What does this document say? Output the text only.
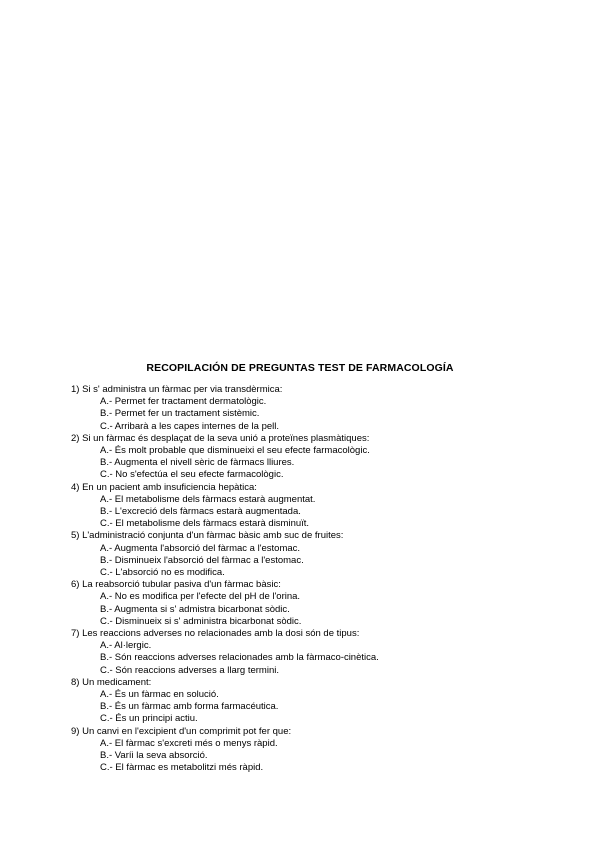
RECOPILACIÓN DE PREGUNTAS TEST DE FARMACOLOGÍA
1) Si s' administra un fàrmac per via transdèrmica:
A.- Permet fer tractament dermatològic.
B.- Permet fer un tractament sistèmic.
C.- Arribarà a les capes internes de la pell.
2) Si un fàrmac és desplaçat de la seva unió a proteïnes plasmàtiques:
A.- És molt probable que disminueixi el seu efecte farmacològic.
B.- Augmenta el nivell sèric de fàrmacs lliures.
C.- No s'efectúa el seu efecte farmacològic.
4) En un pacient amb insuficiencia hepàtica:
A.- El metabolisme dels fàrmacs estarà augmentat.
B.- L'excreció dels fàrmacs estarà augmentada.
C.- El metabolisme dels fàrmacs estarà disminuït.
5) L'administració conjunta d'un fàrmac bàsic amb suc de fruites:
A.- Augmenta l'absorció del fàrmac a l'estomac.
B.- Disminueix l'absorció del fàrmac a l'estomac.
C.- L'absorció no es modifica.
6) La reabsorció tubular pasiva d'un fàrmac bàsic:
A.- No es modifica per l'efecte del pH de l'orina.
B.- Augmenta si s' admistra bicarbonat sòdic.
C.- Disminueix si s' administra bicarbonat sòdic.
7) Les reaccions adverses no relacionades amb la dosi són de tipus:
A.- Al·lergic.
B.- Són reaccions adverses relacionades amb la fàrmaco-cinètica.
C.- Són reaccions adverses a llarg termini.
8) Un medicament:
A.- És un fàrmac en solució.
B.- És un fàrmac amb forma farmacéutica.
C.- És un principi actiu.
9) Un canvi en l'excipient d'un comprimit pot fer que:
A.- El fàrmac s'excreti més o menys ràpid.
B.- Varíi la seva absorció.
C.- El fàrmac es metabolitzi més ràpid.
